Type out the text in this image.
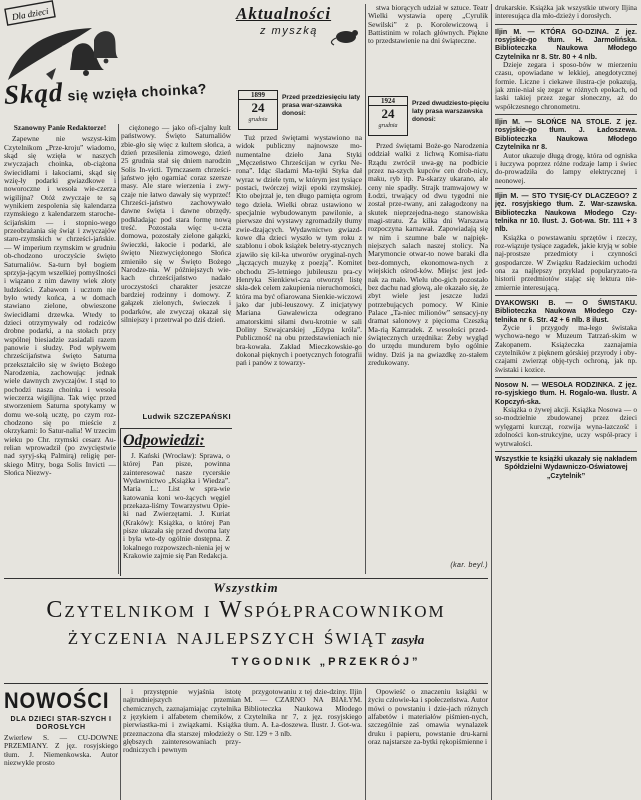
Dla dzieci
Skąd się wzięła choinka?

Szanowny Panie Redaktorze!

Zapewne nie wszyst-kim Czytelnikom „Prze-kroju” wiadomo, skąd się wzięła w naszych zwyczajach choinka, ob-ciążona świecidłami i łakociami, skąd się wzię-ły podarki gwiazdkowe i noworoczne i wesoła wie-czerza wigilijna? Otóż zwyczaje te są wynikiem zespolenia się kalendarza rzymskiego z kalendarzem staroche-ścijańskim — i stopnio-wego przeobrażania się świąt i zwyczajów staro-rzymskich w chrześci-jańskie. — W imperium rzymskim w grudniu ob-chodzono uroczyście święto Saturnaliów. Sa-turn był bogiem sprzyja-jącym wszelkiej pomyślności i wiązano z nim dawny wiek złoty ludzkości. Zabawom i ucztom nie było wtedy końca, a w domach stawiano zielone, obwieszone świecidłami drzewka. Wtedy to dzieci otrzymywały od rodziców drobne podarki, a na stołach przy wspólnej biesiadzie zasiadali razem panowie i słudzy. Pod wpływem chrześcijaństwa święto Saturna przekształciło się w święto Bożego Narodzenia, zachowując jednak wiele dawnych zwyczajów. I stąd to pochodzi nasza choinka i wesoła wieczerza wigilijna. Tak więc przed stworzeniem Saturna spotykamy w domu we-sołą ucztę, po czym roz-chodzono się po mieście z okrzykami: Io Satur-nalia! W trzecim wieku po Chr. rzymski cesarz Au-relian wprowadził (po zwycięstwie nad syryj-ską Palmirą) religię per-skiego Mitry, boga Solis Invicti — Słońca Niezwy-

ciężonego — jako ofi-cjalny kult państwowy. Święto Saturnaliów zbie-gło się więc z kultem słońca, a dzień przesilenia zimowego, dzień 25 grudnia stał się dniem narodzin Solis In-victi. Tymczasem chrześci-jaństwo jęło ogarniać coraz szersze masy. Ale stare wierzenia i zwy-czaje nie łatwo dawały się wyprzeć! Chrześci-jaństwo zachowywało dawne święta i dawne obrzędy, podkładając pod stara formę nową treść. Pozostała więc u-czta domowa, pozostały zielone gałązki, świeczki, łakocie i podarki, ale święto Niezwyciężonego Słońca zmieniło się w Święto Bożego Narodze-nia. W późniejszych wie-kach chrześcijaństwo nadało uroczystości charakter jeszcze bardziej rodzinny i domowy. Z gałązek zielonych, świeczek i podarków, ale zwyczaj okazał się silniejszy i przetrwał po dziś dzień.

Ludwik SZCZEPAŃSKI
Odpowiedzi:
J. Kański (Wrocław): Sprawa, o której Pan pisze, powinna zainteresować nasze rycerskie Wydawnictwo „Książka i Wiedza”. Maria L.: List w spra-wie katowania koni wo-żących węgiel przekaza-liśmy Towarzystwu Opie-ki nad Zwierzętami. J. Kuriat (Kraków): Książka, o której Pan pisze ukazała się przed dwoma laty i była wte-dy ogólnie dostępna. Z lokalnego rozpowszech-nienia jej w Krakowie zajmie się Pan Redakcja.
Aktualności
z myszką
1899
24
grudnia
Przed przedziesięciu laty prasa war-szawska donosi:

Tuż przed świętami wystawiono na widok publiczny najnowsze mo-numentalne dzieło Jana Styki „Męczeństwo Chrześcijan w cyrku Ne-rona”. Idąc śladami Ma-tejki Styka dał wyraz w dziele tym, w którym jest tysiące postaci, twórczej wizji epoki rzymskiej. Kto obejrzał je, ten długo pamięta ogrom tego dzieła. Wielki obraz ustawiono w specjalnie wybudowanym pawilonie, a pierwsze dni wystawy zgromadziły tłumy zwie-dzających. Wydawnictwo gwiazd-kowe dla dzieci wyszło w tym roku z szablonu i obok książek beletry-stycznych zjawiło się kil-ka utworów oryginal-nych „łączących muzykę z poezją”. Komitet obchodu 25-letniego jubileuszu pra-cy Henryka Sienkiewi-cza otworzył listę skła-dek celem zakupienia nieruchomości, która ma być ofiarowana Sienkie-wiczowi jako dar jubi-leuszowy. Z inicjatywy Mariana Gawalewicza odegrano amatorskimi siłami dwu-krotnie w sali Doliny Szwajcarskiej „Edypa króla”. Publiczność na obu przedstawieniach nie bra-kowała. Zakład Mieczkowskie-go dokonał pięknych i poetycznych fotografii pań i panów z towarzy-

stwa biorących udział w sztuce. Teatr Wielki wystawia operę „Cyrulik Sewilski” z p. Korolewiczową i Battistinim w rolach głównych. Piękne to przedstawienie na dni świąteczne.

1924
24
grudnia
Przed dwudziesto-pięciu laty prasa warszawska donosi:

Przed świętami Boże-go Narodzenia oddział walki z lichwą Komisa-riatu Rządu zwrócił uwa-gę na podbicie przez na-szych kupców cen drob-nicy, maku, ryb itp. Pa-skarzy ukarano, ale ceny nie spadły. Strajk tramwajowy w Łodzi, trwający od dwu tygodni nie został prze-rwany, ani załagodzony na skutek nieprzejedna-nego stanowiska magi-stratu. Za kilka dni Warszawa rozpoczyna karnawał. Zapowiadają się w nim i szumne bale w najpięk-niejszych salach naszej stolicy. Na Marymoncie otwar-to nowe baraki dla bez-domnych, ekonomowa-nych z wiejskich ośrod-ków. Miejsc jest jed-nak za mało. Wielu ubo-gich pozostało bez dachu nad głową, ale okazało się, że zbyt wiele jest jeszcze ludzi potrzebujących pomocy. W Kinie Palace „Ta-niec milionów” sensacyj-ny dramat salonowy z pięcioma Czeszką Ma-rią Kamradek. Z wesołości przed-świątecznych urzędnika: Żeby wygląd do urzędu mundurem było ogólnie widny. Dziś ja na gwiazdkę zo-stałem zredukowany.

(kar. beyl.)
Wszystkim
Czytelnikom i Współpracownikom
życzenia najlepszych świąt zasyła
TYGODNIK „PRZEKRÓJ”
NOWOŚCI
DLA DZIECI STAR-SZYCH I DOROSŁYCH

Zwierlew S. — CU-DOWNE PRZEMIANY. Z jęz. rosyjskiego tłum. J. Niemenkowska. Autor niezwykle prosto

i przystępnie wyjaśnia istotę najtrudniejszych przemian chemicznych, zaznajamiając czytelnika z językiem i alfabetem chemików, z pierwiastka-mi i związkami. Książka przeznaczona dla starszej młodzieży o głębszych zainteresowaniach przy-rodniczych i pewnym

przygotowaniu z tej dzie-dziny. Iljin M. — CZARNO NA BIAŁYM. Biblioteczka Naukowa Młodego Czytelnika nr 7, z jęz. rosyjskiego tłum. A. Ła-doszewa. Ilustr. J. Got-wa. Str. 129 + 3 nlb.

Opowieść o znaczeniu książki w życiu człowie-ka i społeczeństwa. Autor mówi o powstaniu i dzie-jach różnych alfabetów i materiałów piśmien-nych, szczególnie zaś omawia wynalazek druku i papieru, powstanie dru-karni oraz najstarsze za-bytki rękopiśmienne i

drukarskie. Książka jak wszystkie utwory Iljina interesująca dla mło-dzieży i dorosłych.
Iljin M. — KTÓRA GO-DZINA. Z jęz. rosyjskie-go tłum. H. Jarmolińska. Biblioteczka Naukowa Młodego Czytelnika nr 8. Str. 80 + 4 nlb.
Dzieje zegara i sposo-bów w mierzeniu czasu, opowiadane w lekkiej, anegdotycznej formie. Liczne i ciekawe ilustra-cje pokazują, jak zmie-niał się zegar w różnych epokach, od laski takiej przez zegar słoneczny, aż do współczesnego chronometru.
Iljin M. — SŁOŃCE NA STOLE. Z jęz. rosyjskie-go tłum. J. Ładoszewa. Biblioteczka Naukowa Młodego Czytelnika nr 8.
Autor ukazuje długą drogę, która od ogniska i łuczywa poprzez różne rodzaje lamp i świec do-prowadziła do lampy elektrycznej i neonowej.
Iljin M. — STO TYSIĘ-CY DLACZEGO? Z jęz. rosyjskiego tłum. Z. War-szawska. Biblioteczka Naukowa Młodego Czy-telnika nr 10. Ilust. J. Got-wa. Str. 111 + 3 nlb.
Książka o powstawaniu sprzętów i rzeczy, roz-wiązuje tysiące zagadek, jakie kryją w sobie naj-prostsze przedmioty i czynności gospodarcze. W Związku Radzieckim uchodzi ona za najlepszy przykład popularyzato-ra historii przedmiotów stając się lektura nie-zmiernie interesującą.
DYAKOWSKI B. — O ŚWISTAKU. Biblioteczka Naukowa Młodego Czy-telnika nr 6. Str. 42 + 6 nlb. 8 ilust.
Życie i przygody ma-łego świstaka wychowa-nego w Muzeum Tatrzań-skim w Zakopanem. Książeczka zaznajamia czytelników z pięknem górskiej przyrody i oby-czajami zwierząt obję-tych ochroną, jak np. świstaki i kozice.
Nosow N. — WESOŁA RODZINKA. Z jęz. ro-syjskiego tłum. H. Rogalo-wa. Ilustr. A Kopczyń-ska.
Książka o żywej akcji. Książka Nosowa — o so-modzielnie zbudowanej przez dzieci wylęgarni kurcząt, rozwija wyna-lazczość i zdolności kon-strukcyjne, uczy współ-pracy i wytrwałości.
Wszystkie te książki ukazały się nakładem Spółdzielni Wydawniczo-Oświatowej „Czytelnik”
